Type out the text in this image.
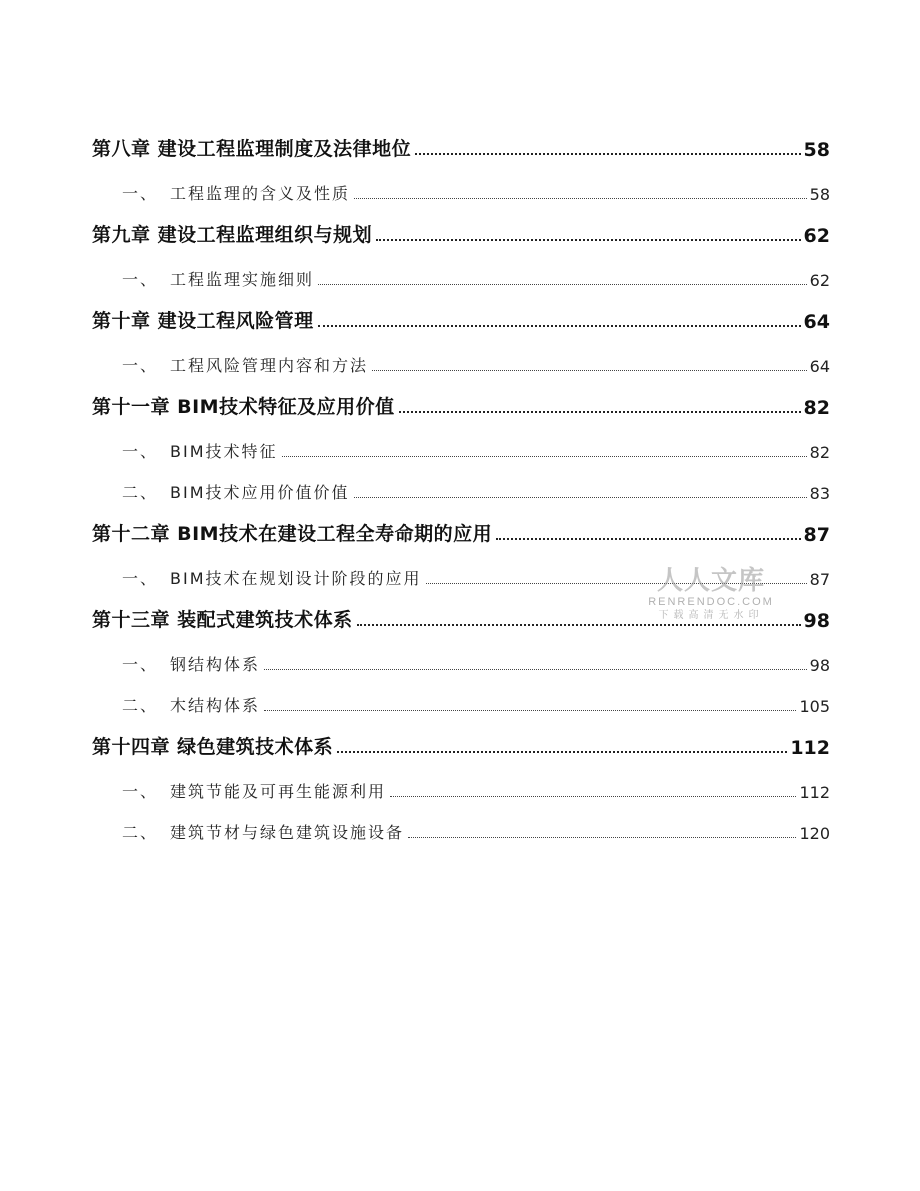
第八章 建设工程监理制度及法律地位	58
一、 工程监理的含义及性质	58
第九章 建设工程监理组织与规划	62
一、 工程监理实施细则	62
第十章 建设工程风险管理	64
一、 工程风险管理内容和方法	64
第十一章 BIM技术特征及应用价值	82
一、 BIM技术特征	82
二、 BIM技术应用价值价值	83
第十二章 BIM技术在建设工程全寿命期的应用	87
一、 BIM技术在规划设计阶段的应用	87
第十三章 装配式建筑技术体系	98
一、 钢结构体系	98
二、 木结构体系	105
第十四章 绿色建筑技术体系	112
一、 建筑节能及可再生能源利用	112
二、 建筑节材与绿色建筑设施设备	120
人人文库
RENRENDOC.COM
下载高清无水印
